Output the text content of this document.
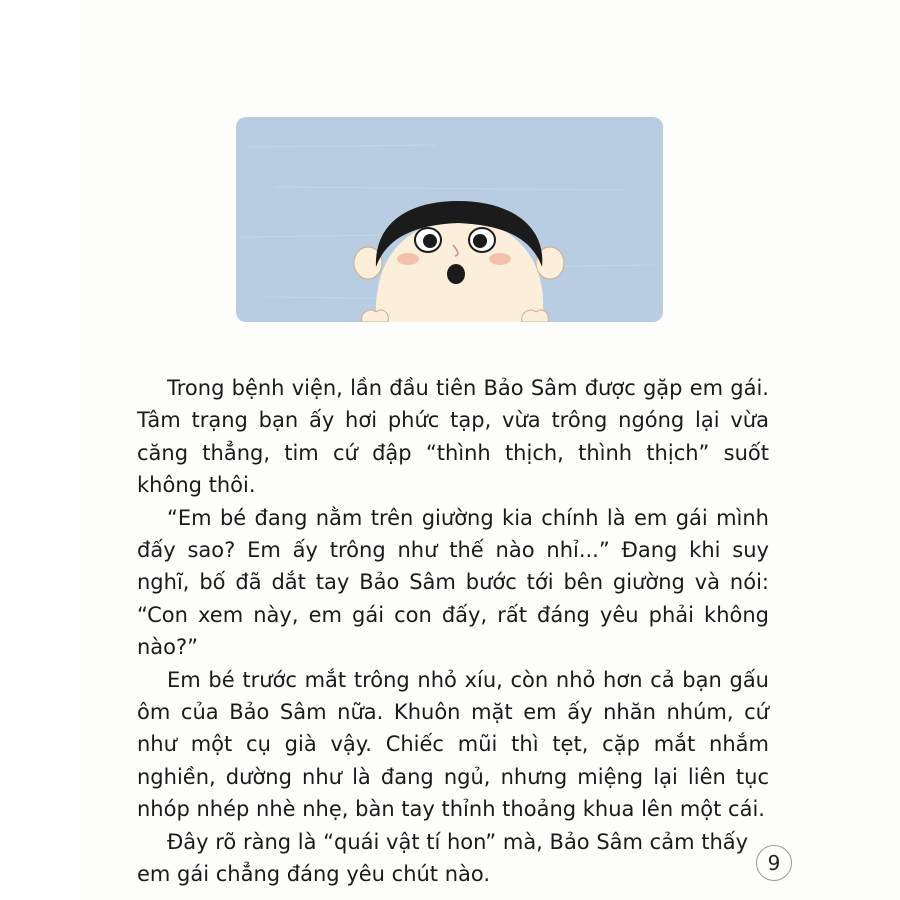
Trong bệnh viện, lần đầu tiên Bảo Sâm được gặp em gái. Tâm trạng bạn ấy hơi phức tạp, vừa trông ngóng lại vừa căng thẳng, tim cứ đập “thình thịch, thình thịch” suốt không thôi.

“Em bé đang nằm trên giường kia chính là em gái mình đấy sao? Em ấy trông như thế nào nhỉ...” Đang khi suy nghĩ, bố đã dắt tay Bảo Sâm bước tới bên giường và nói: “Con xem này, em gái con đấy, rất đáng yêu phải không nào?”

Em bé trước mắt trông nhỏ xíu, còn nhỏ hơn cả bạn gấu ôm của Bảo Sâm nữa. Khuôn mặt em ấy nhăn nhúm, cứ như một cụ già vậy. Chiếc mũi thì tẹt, cặp mắt nhắm nghiền, dường như là đang ngủ, nhưng miệng lại liên tục nhóp nhép nhè nhẹ, bàn tay thỉnh thoảng khua lên một cái.

Đây rõ ràng là “quái vật tí hon” mà, Bảo Sâm cảm thấy em gái chẳng đáng yêu chút nào.	9
